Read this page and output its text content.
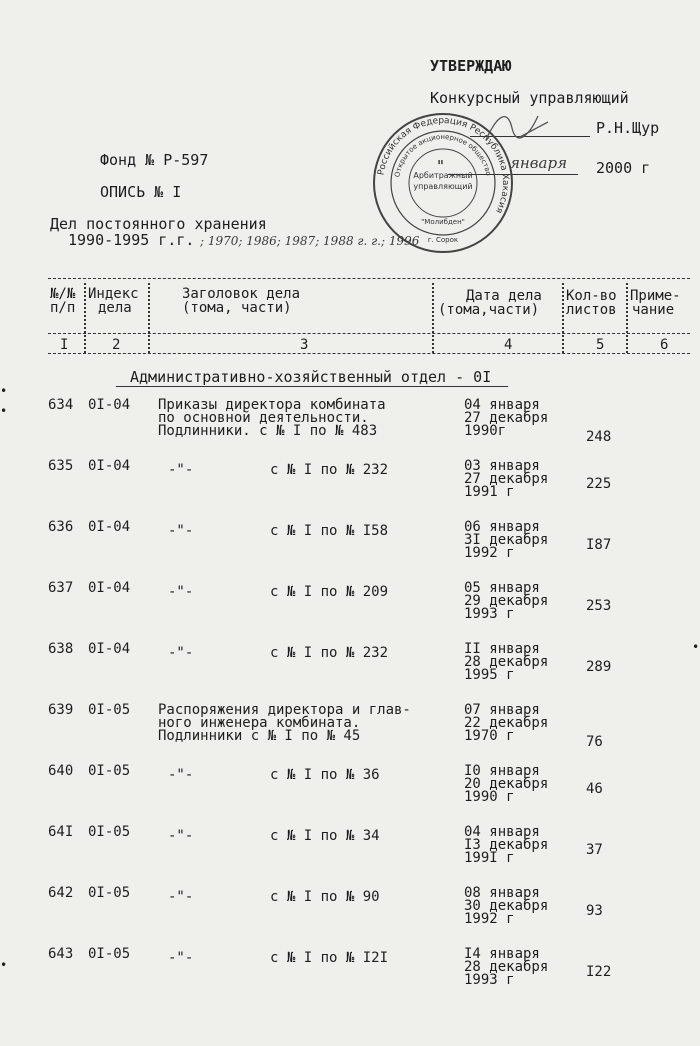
УТВЕРЖДАЮ
Конкурсный управляющий
Р.Н.Щур
"	января 2000 г
Российская Федерация Республика Хакасия
Открытое акционерное общество
Арбитражный
управляющий
"Молибден"
г. Сорок
Фонд № Р-597
ОПИСЬ № I
Дел постоянного хранения
1990-1995 г.г. ; 1970; 1986; 1987; 1988 г. г.; 1996
№/№
п/п
Индекс
дела
Заголовок дела
(тома, части)
Дата дела
(тома,части)
Кол-во
листов
Приме-
чание
I	2	3	4	5	6
Административно-хозяйственный отдел - 0I
634 0I-04 Приказы директора комбината
по основной деятельности.
Подлинники. с № I по № 483
04 января
27 декабря
1990г	248
635 0I-04	-"-	с № I по № 232	03 января
27 декабря
1991 г	225
636 0I-04	-"-	с № I по № I58	06 января
3I декабря
1992 г	I87
637 0I-04	-"-	с № I по № 209	05 января
29 декабря
1993 г	253
638 0I-04	-"-	с № I по № 232	II января
28 декабря
1995 г	289
639 0I-05 Распоряжения директора и глав-
ного инженера комбината.
Подлинники с № I по № 45
07 января
22 декабря
1970 г	76
640 0I-05	-"-	с № I по № 36	I0 января
20 декабря
1990 г	46
64I 0I-05	-"-	с № I по № 34	04 января
I3 декабря
199I г	37
642 0I-05	-"-	с № I по № 90	08 января
30 декабря
1992 г	93
643 0I-05	-"-	с № I по № I2I	I4 января
28 декабря
1993 г	I22
•
•
•
•
